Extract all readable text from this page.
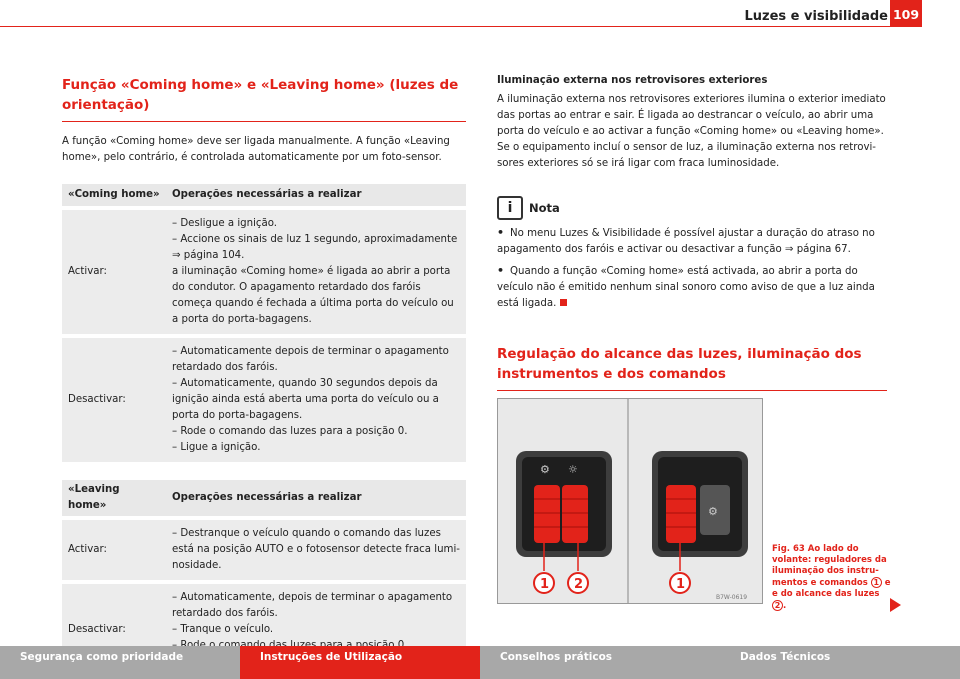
Luzes e visibilidade 109
Função «Coming home» e «Leaving home» (luzes de orientação)

A função «Coming home» deve ser ligada manualmente. A função «Leaving home», pelo contrário, é controlada automaticamente por um foto-sensor.

«Coming home»	Operações necessárias a realizar
Activar:	– Desligue a ignição.
– Accione os sinais de luz 1 segundo, aproximadamente ⇒ página 104.
a iluminação «Coming home» é ligada ao abrir a porta do condutor. O apagamento retardado dos faróis começa quando é fechada a última porta do veículo ou a porta do porta-bagagens.

Desactivar:	– Automaticamente depois de terminar o apagamento retardado dos faróis.
– Automaticamente, quando 30 segundos depois da ignição ainda está aberta uma porta do veículo ou a porta do porta-bagagens.
– Rode o comando das luzes para a posição 0.
– Ligue a ignição.
«Leaving home»	Operações necessárias a realizar
Activar:	– Destranque o veículo quando o comando das luzes está na posição AUTO e o fotosensor detecte fraca lumi-nosidade.

Desactivar:	– Automaticamente, depois de terminar o apagamento retardado dos faróis.
– Tranque o veículo.
Iluminação externa nos retrovisores exteriores

A iluminação externa nos retrovisores exteriores ilumina o exterior imediato das portas ao entrar e sair. É ligada ao destrancar o veículo, ao abrir uma porta do veículo e ao activar a função «Coming home» ou «Leaving home». Se o equipamento incluí o sensor de luz, a iluminação externa nos retrovi-sores exteriores só se irá ligar com fraca luminosidade.

i	Nota
• No menu Luzes & Visibilidade é possível ajustar a duração do atraso no apagamento dos faróis e activar ou desactivar a função ⇒ página 67.
• Quando a função «Coming home» está activada, ao abrir a porta do veículo não é emitido nenhum sinal sonoro como aviso de que a luz ainda está ligada.
Regulação do alcance das luzes, iluminação dos instrumentos e dos comandos
⚙ ☼
1 2
⚙
1
B7W-0619
Fig. 63 Ao lado do volante: reguladores da iluminação dos instru-mentos e comandos 1 e e do alcance das luzes 2 .
Segurança como prioridade	Instruções de Utilização	Conselhos práticos	Dados Técnicos
